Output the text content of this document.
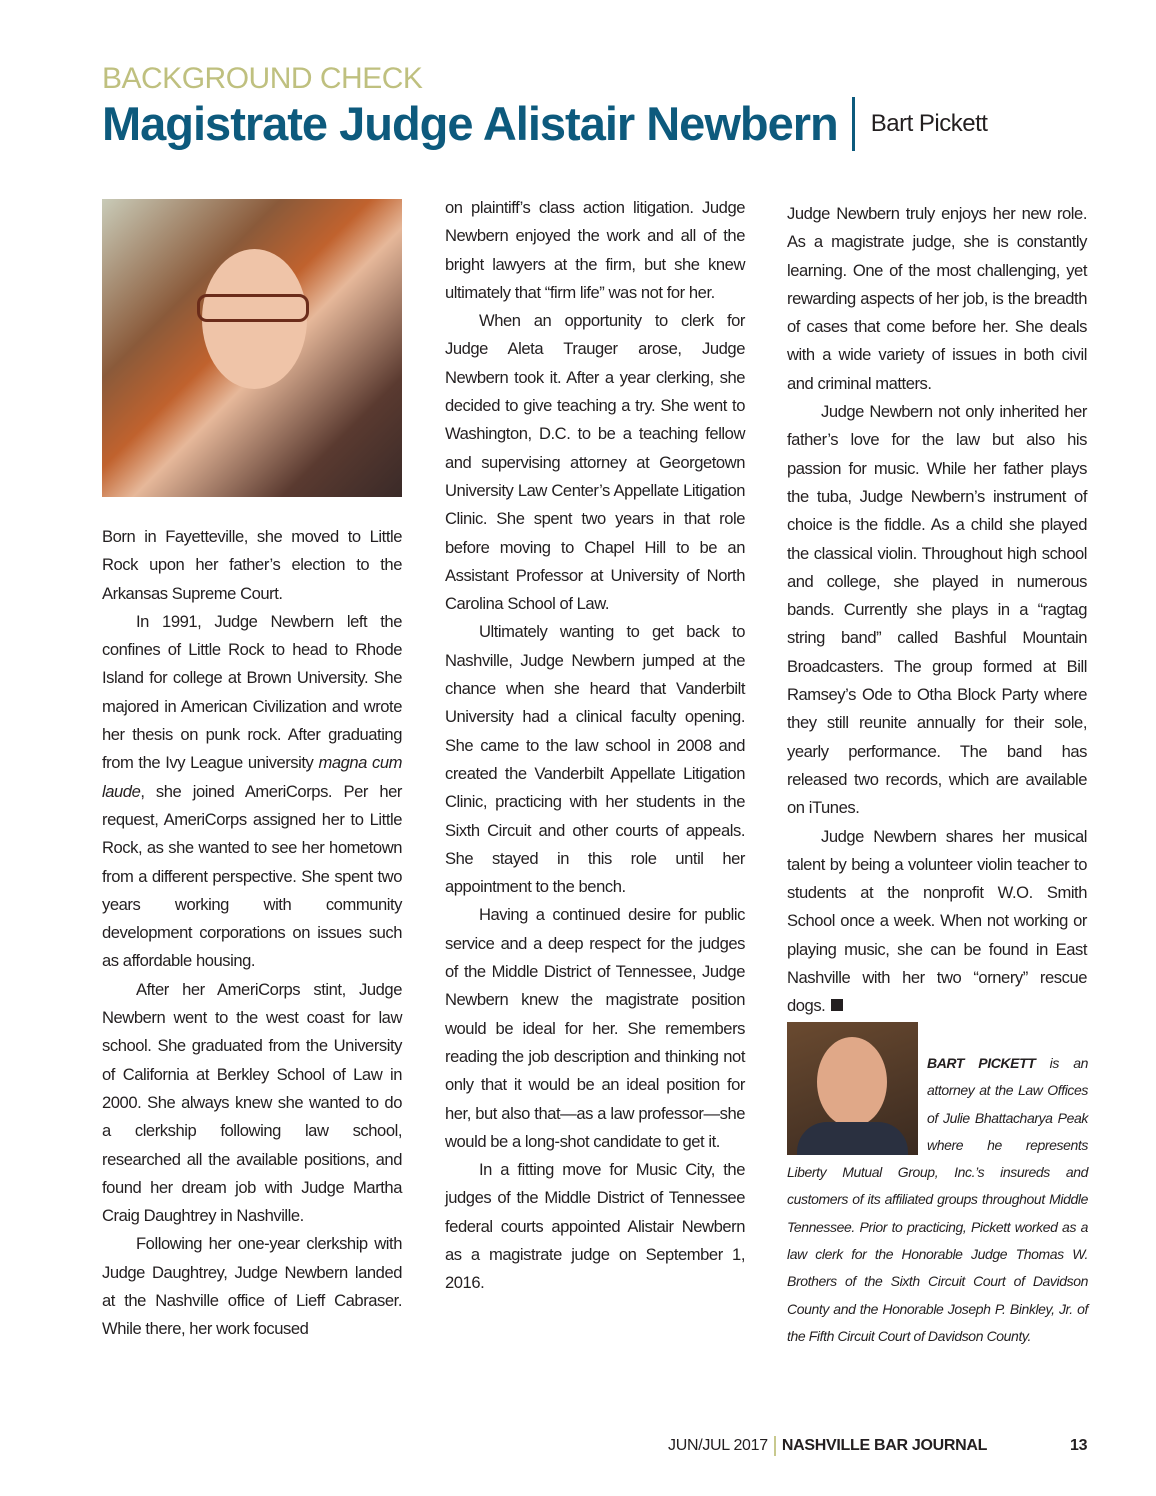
BACKGROUND CHECK
Magistrate Judge Alistair Newbern Bart Pickett

Born in Fayetteville, she moved to Little Rock upon her father’s election to the Arkansas Supreme Court.

In 1991, Judge Newbern left the confines of Little Rock to head to Rhode Island for college at Brown University. She majored in American Civilization and wrote her thesis on punk rock. After graduating from the Ivy League university magna cum laude, she joined AmeriCorps. Per her request, AmeriCorps assigned her to Little Rock, as she wanted to see her hometown from a different perspective. She spent two years working with community development corporations on issues such as affordable housing.

After her AmeriCorps stint, Judge Newbern went to the west coast for law school. She graduated from the University of California at Berkley School of Law in 2000. She always knew she wanted to do a clerkship following law school, researched all the available positions, and found her dream job with Judge Martha Craig Daughtrey in Nashville.

Following her one-year clerkship with Judge Daughtrey, Judge Newbern landed at the Nashville office of Lieff Cabraser. While there, her work focused

on plaintiff’s class action litigation. Judge Newbern enjoyed the work and all of the bright lawyers at the firm, but she knew ultimately that “firm life” was not for her.

When an opportunity to clerk for Judge Aleta Trauger arose, Judge Newbern took it. After a year clerking, she decided to give teaching a try. She went to Washington, D.C. to be a teaching fellow and supervising attorney at Georgetown University Law Center’s Appellate Litigation Clinic. She spent two years in that role before moving to Chapel Hill to be an Assistant Professor at University of North Carolina School of Law.

Ultimately wanting to get back to Nashville, Judge Newbern jumped at the chance when she heard that Vanderbilt University had a clinical faculty opening. She came to the law school in 2008 and created the Vanderbilt Appellate Litigation Clinic, practicing with her students in the Sixth Circuit and other courts of appeals. She stayed in this role until her appointment to the bench.

Having a continued desire for public service and a deep respect for the judges of the Middle District of Tennessee, Judge Newbern knew the magistrate position would be ideal for her. She remembers reading the job description and thinking not only that it would be an ideal position for her, but also that—as a law professor—she would be a long-shot candidate to get it.

In a fitting move for Music City, the judges of the Middle District of Tennessee federal courts appointed Alistair Newbern as a magistrate judge on September 1, 2016.

Judge Newbern truly enjoys her new role. As a magistrate judge, she is constantly learning. One of the most challenging, yet rewarding aspects of her job, is the breadth of cases that come before her. She deals with a wide variety of issues in both civil and criminal matters.

Judge Newbern not only inherited her father’s love for the law but also his passion for music. While her father plays the tuba, Judge Newbern’s instrument of choice is the fiddle. As a child she played the classical violin. Throughout high school and college, she played in numerous bands. Currently she plays in a “ragtag string band” called Bashful Mountain Broadcasters. The group formed at Bill Ramsey’s Ode to Otha Block Party where they still reunite annually for their sole, yearly performance. The band has released two records, which are available on iTunes.

Judge Newbern shares her musical talent by being a volunteer violin teacher to students at the nonprofit W.O. Smith School once a week. When not working or playing music, she can be found in East Nashville with her two “ornery” rescue dogs.

BART PICKETT is an attorney at the Law Offices of Julie Bhattacharya Peak where he represents Liberty Mutual Group, Inc.’s insureds and customers of its affiliated groups throughout Middle Tennessee. Prior to practicing, Pickett worked as a law clerk for the Honorable Judge Thomas W. Brothers of the Sixth Circuit Court of Davidson County and the Honorable Joseph P. Binkley, Jr. of the Fifth Circuit Court of Davidson County.
JUN/JUL 2017 NASHVILLE BAR JOURNAL	13
